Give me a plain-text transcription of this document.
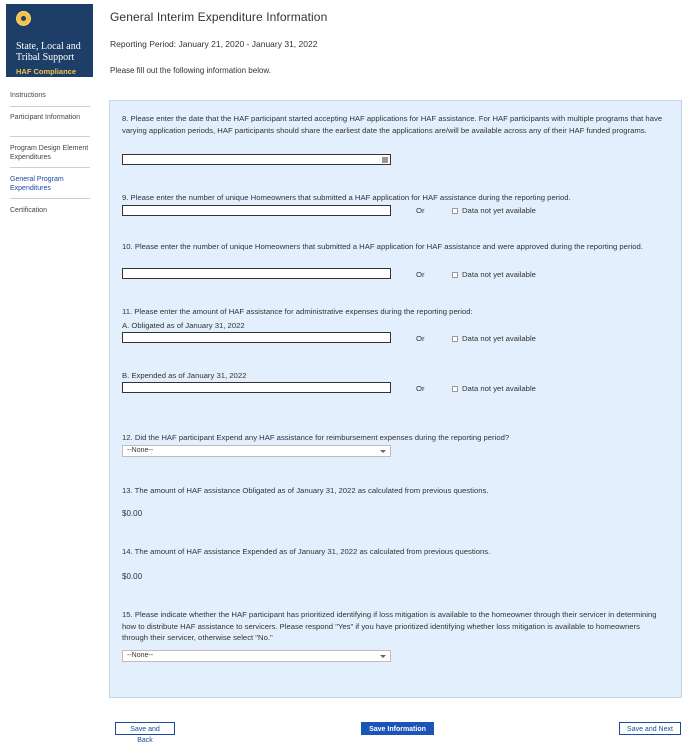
State, Local and
Tribal Support
HAF Compliance
Instructions
Participant Information
Program Design Element Expenditures
General Program Expenditures
Certification
General Interim Expenditure Information
Reporting Period: January 21, 2020 - January 31, 2022
Please fill out the following information below.
8. Please enter the date that the HAF participant started accepting HAF applications for HAF assistance. For HAF participants with multiple programs that have varying application periods, HAF participants should share the earliest date the applications are/will be available across any of their HAF funded programs.
9. Please enter the number of unique Homeowners that submitted a HAF application for HAF assistance during the reporting period.
Or	Data not yet available
10. Please enter the number of unique Homeowners that submitted a HAF application for HAF assistance and were approved during the reporting period.
Or	Data not yet available
11. Please enter the amount of HAF assistance for administrative expenses during the reporting period:
A. Obligated as of January 31, 2022
Or	Data not yet available
B. Expended as of January 31, 2022
Or	Data not yet available
12. Did the HAF participant Expend any HAF assistance for reimbursement expenses during the reporting period?
--None--
13. The amount of HAF assistance Obligated as of January 31, 2022 as calculated from previous questions.
$0.00
14. The amount of HAF assistance Expended as of January 31, 2022 as calculated from previous questions.
$0.00
15. Please indicate whether the HAF participant has prioritized identifying if loss mitigation is available to the homeowner through their servicer in determining how to distribute HAF assistance to servicers. Please respond "Yes" if you have prioritized identifying whether loss mitigation is available to homeowners through their servicer, otherwise select "No."
--None--
Save and Back
Save Information	Save and Next
